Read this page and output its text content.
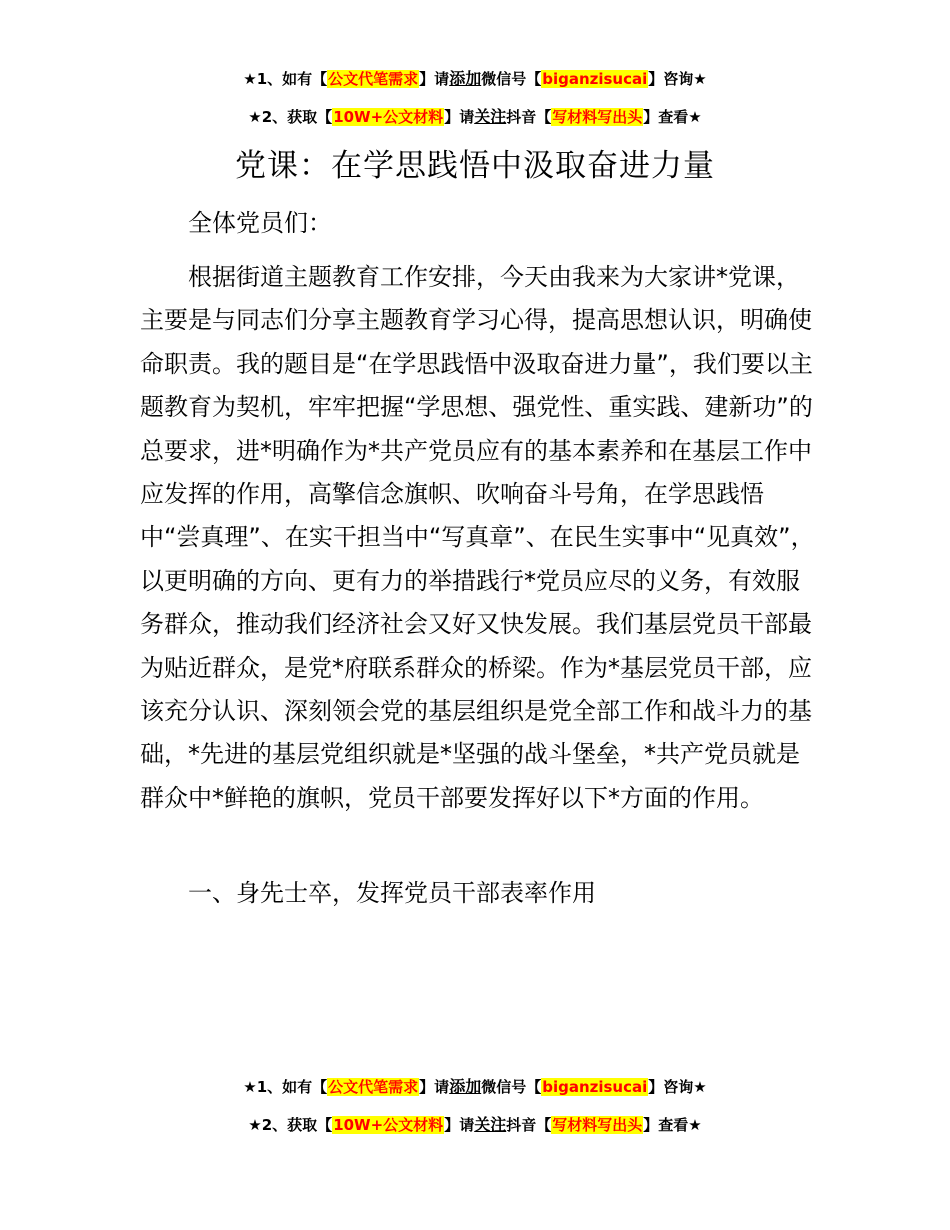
★1、如有【公文代笔需求】请添加微信号【biganzisucai】咨询★
★2、获取【10W+公文材料】请关注抖音【写材料写出头】查看★
党课：在学思践悟中汲取奋进力量

全体党员们：

根据街道主题教育工作安排，今天由我来为大家讲*党课，主要是与同志们分享主题教育学习心得，提高思想认识，明确使命职责。我的题目是“在学思践悟中汲取奋进力量”，我们要以主题教育为契机，牢牢把握“学思想、强党性、重实践、建新功”的总要求，进*明确作为*共产党员应有的基本素养和在基层工作中应发挥的作用，高擎信念旗帜、吹响奋斗号角，在学思践悟中“尝真理”、在实干担当中“写真章”、在民生实事中“见真效”，以更明确的方向、更有力的举措践行*党员应尽的义务，有效服务群众，推动我们经济社会又好又快发展。我们基层党员干部最为贴近群众，是党*府联系群众的桥梁。作为*基层党员干部，应该充分认识、深刻领会党的基层组织是党全部工作和战斗力的基础，*先进的基层党组织就是*坚强的战斗堡垒，*共产党员就是群众中*鲜艳的旗帜，党员干部要发挥好以下*方面的作用。

一、身先士卒，发挥党员干部表率作用

★1、如有【公文代笔需求】请添加微信号【biganzisucai】咨询★
★2、获取【10W+公文材料】请关注抖音【写材料写出头】查看★
